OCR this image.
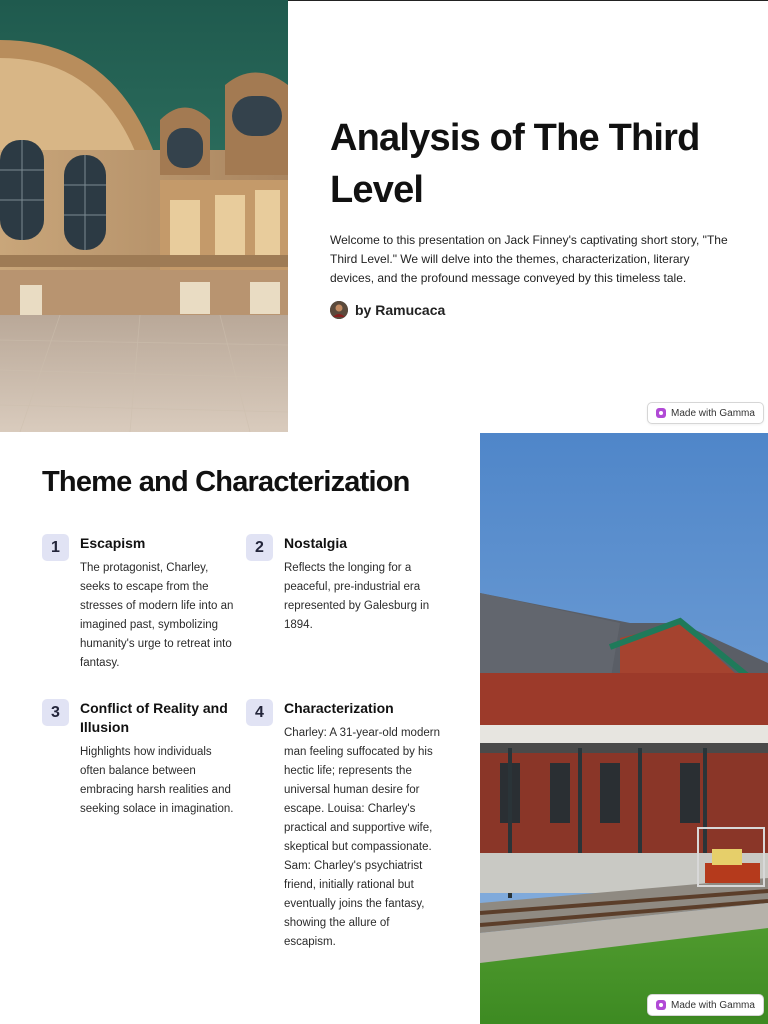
Analysis of The Third Level
Welcome to this presentation on Jack Finney's captivating short story, "The Third Level." We will delve into the themes, characterization, literary devices, and the profound message conveyed by this timeless tale.
by Ramucaca
Made with Gamma
Theme and Characterization
1	Escapism
The protagonist, Charley, seeks to escape from the stresses of modern life into an imagined past, symbolizing humanity's urge to retreat into fantasy.
2	Nostalgia
Reflects the longing for a peaceful, pre-industrial era represented by Galesburg in 1894.
3	Conflict of Reality and Illusion
Highlights how individuals often balance between embracing harsh realities and seeking solace in imagination.
4	Characterization
Charley: A 31-year-old modern man feeling suffocated by his hectic life; represents the universal human desire for escape. Louisa: Charley's practical and supportive wife, skeptical but compassionate. Sam: Charley's psychiatrist friend, initially rational but eventually joins the fantasy, showing the allure of escapism.
Made with Gamma
